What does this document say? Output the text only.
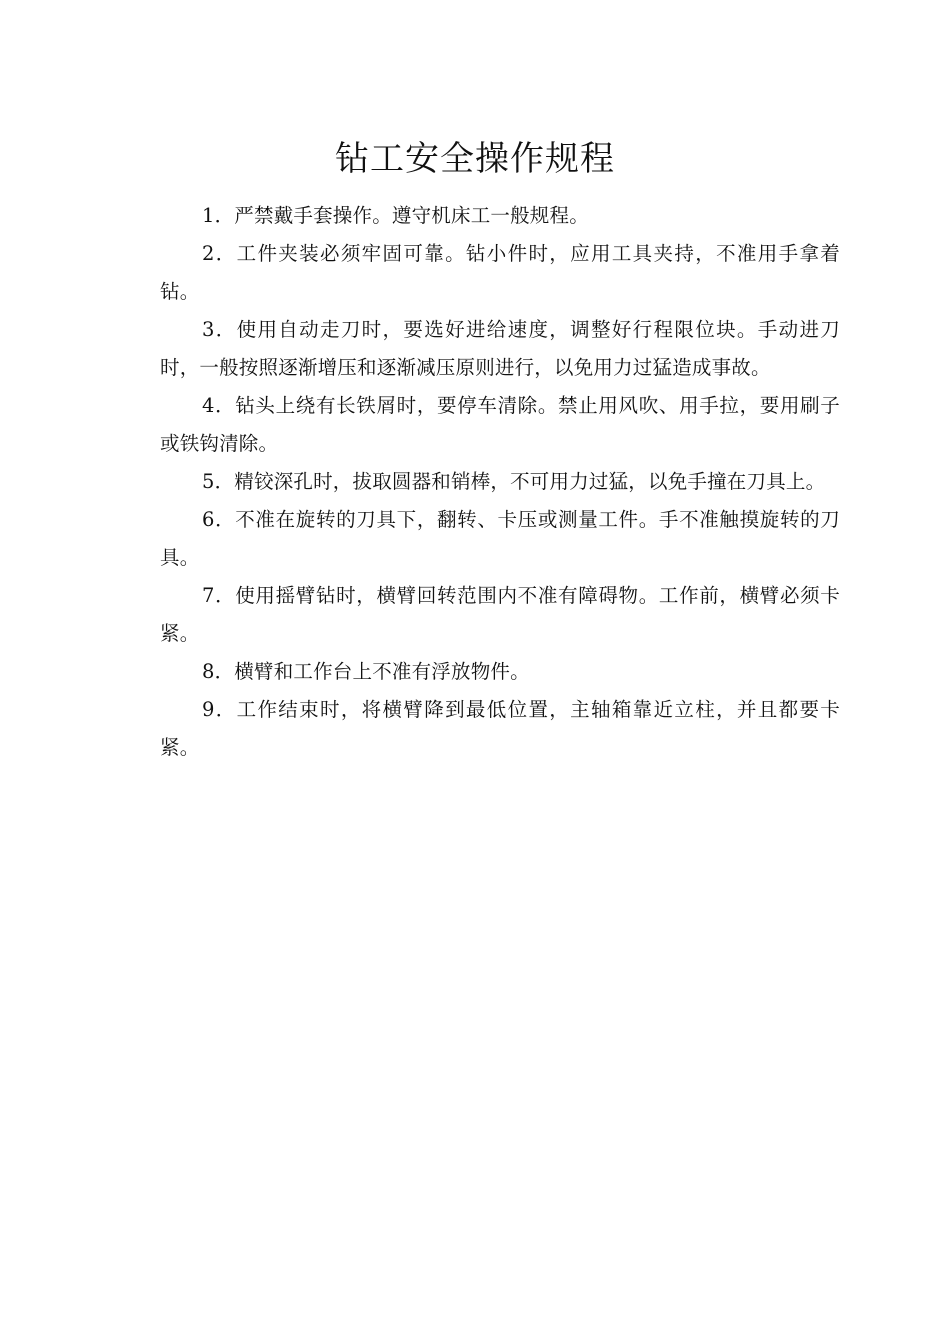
钻工安全操作规程

1．严禁戴手套操作。遵守机床工一般规程。

2．工件夹装必须牢固可靠。钻小件时，应用工具夹持，不准用手拿着钻。

3．使用自动走刀时，要选好进给速度，调整好行程限位块。手动进刀时，一般按照逐渐增压和逐渐减压原则进行，以免用力过猛造成事故。

4．钻头上绕有长铁屑时，要停车清除。禁止用风吹、用手拉，要用刷子或铁钩清除。

5．精铰深孔时，拔取圆器和销棒，不可用力过猛，以免手撞在刀具上。

6．不准在旋转的刀具下，翻转、卡压或测量工件。手不准触摸旋转的刀具。

7．使用摇臂钻时，横臂回转范围内不准有障碍物。工作前，横臂必须卡紧。

8．横臂和工作台上不准有浮放物件。

9．工作结束时，将横臂降到最低位置，主轴箱靠近立柱，并且都要卡紧。
